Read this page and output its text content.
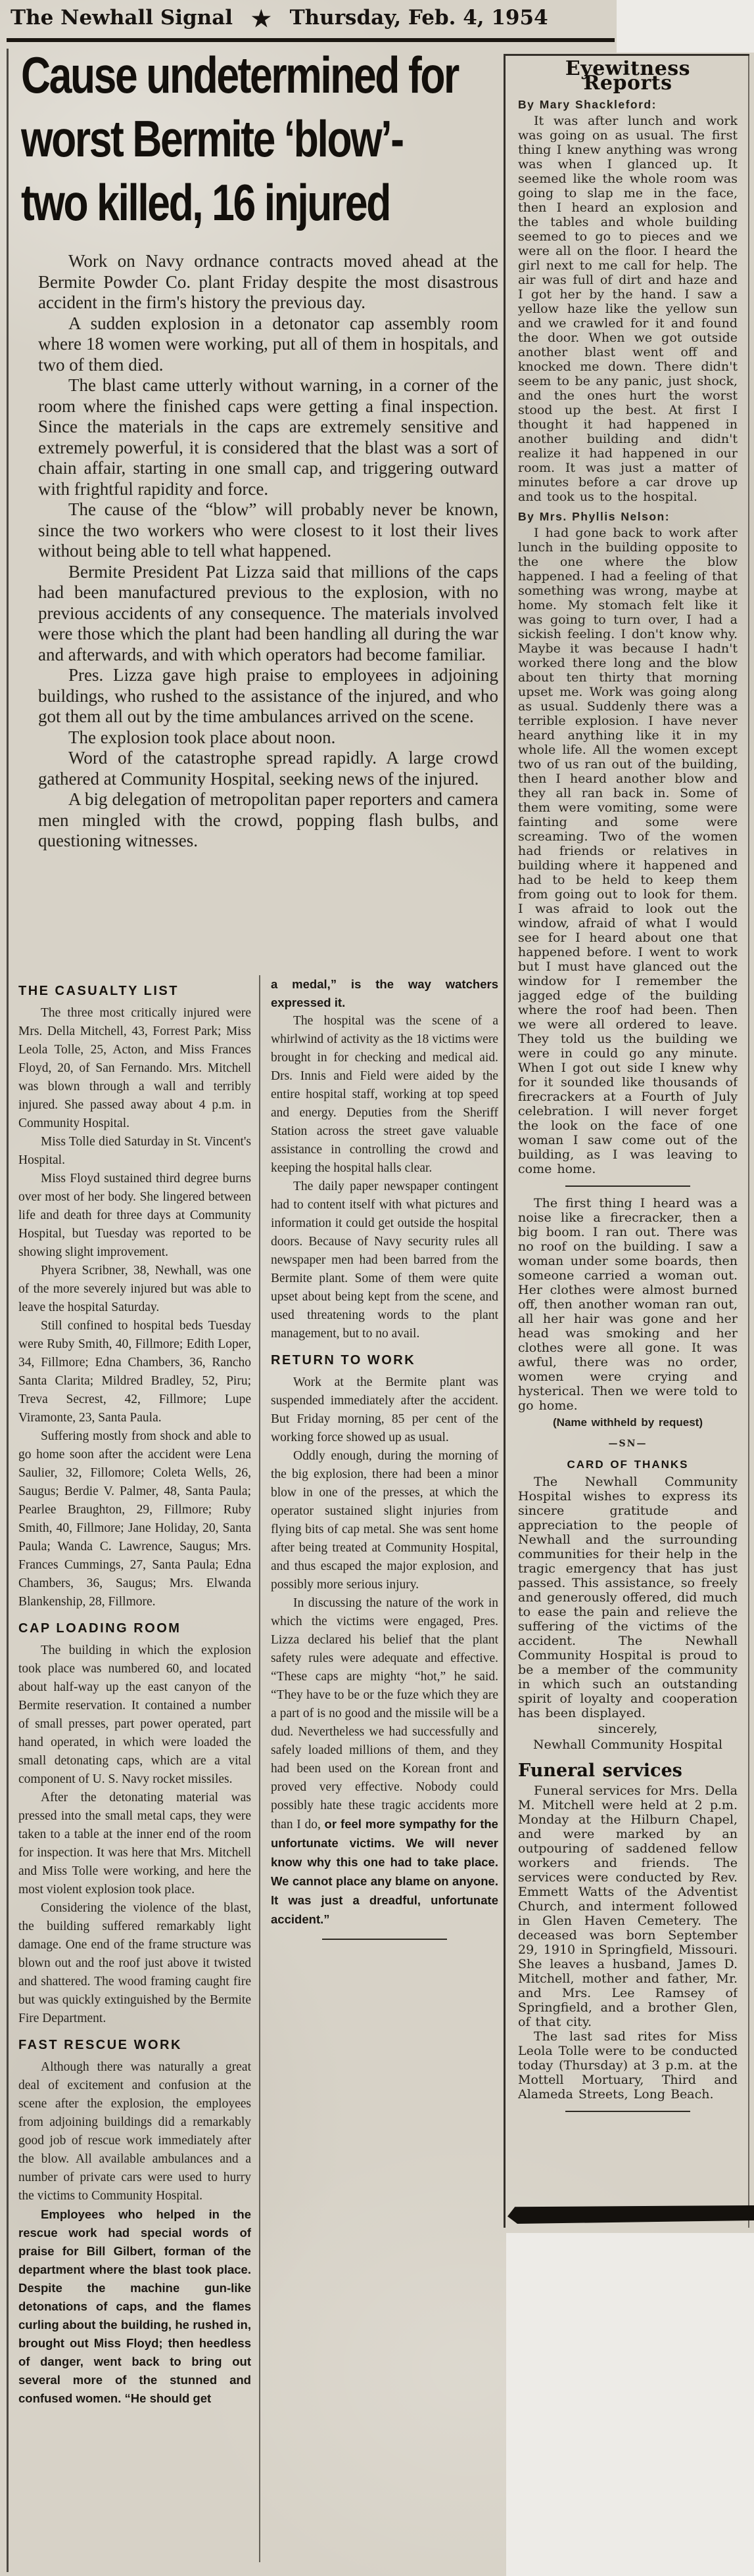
The Newhall Signal ★ Thursday, Feb. 4, 1954
Cause undetermined for
worst Bermite ‘blow’-
two killed, 16 injured

Work on Navy ordnance contracts moved ahead at the Bermite Powder Co. plant Friday despite the most disastrous accident in the firm's history the previous day.

A sudden explosion in a detonator cap assembly room where 18 women were working, put all of them in hospitals, and two of them died.

The blast came utterly without warning, in a corner of the room where the finished caps were getting a final inspection. Since the materials in the caps are extremely sensitive and extremely powerful, it is considered that the blast was a sort of chain affair, starting in one small cap, and triggering outward with frightful rapidity and force.

The cause of the “blow” will probably never be known, since the two workers who were closest to it lost their lives without being able to tell what happened.

Bermite President Pat Lizza said that millions of the caps had been manufactured previous to the explosion, with no previous accidents of any consequence. The materials involved were those which the plant had been handling all during the war and afterwards, and with which operators had become familiar.

Pres. Lizza gave high praise to employees in adjoining buildings, who rushed to the assistance of the injured, and who got them all out by the time ambulances arrived on the scene.

The explosion took place about noon.

Word of the catastrophe spread rapidly. A large crowd gathered at Community Hospital, seeking news of the injured.

A big delegation of metropolitan paper reporters and camera men mingled with the crowd, popping flash bulbs, and questioning witnesses.

THE CASUALTY LIST

The three most critically injured were Mrs. Della Mitchell, 43, Forrest Park; Miss Leola Tolle, 25, Acton, and Miss Frances Floyd, 20, of San Fernando. Mrs. Mitchell was blown through a wall and terribly injured. She passed away about 4 p.m. in Community Hospital.

Miss Tolle died Saturday in St. Vincent's Hospital.

Miss Floyd sustained third degree burns over most of her body. She lingered between life and death for three days at Community Hospital, but Tuesday was reported to be showing slight improvement.

Phyera Scribner, 38, Newhall, was one of the more severely injured but was able to leave the hospital Saturday.

Still confined to hospital beds Tuesday were Ruby Smith, 40, Fillmore; Edith Loper, 34, Fillmore; Edna Chambers, 36, Rancho Santa Clarita; Mildred Bradley, 52, Piru; Treva Secrest, 42, Fillmore; Lupe Viramonte, 23, Santa Paula.

Suffering mostly from shock and able to go home soon after the accident were Lena Saulier, 32, Fillomore; Coleta Wells, 26, Saugus; Berdie V. Palmer, 48, Santa Paula; Pearlee Braughton, 29, Fillmore; Ruby Smith, 40, Fillmore; Jane Holiday, 20, Santa Paula; Wanda C. Lawrence, Saugus; Mrs. Frances Cummings, 27, Santa Paula; Edna Chambers, 36, Saugus; Mrs. Elwanda Blankenship, 28, Fillmore.

CAP LOADING ROOM

The building in which the explosion took place was numbered 60, and located about half-way up the east canyon of the Bermite reservation. It contained a number of small presses, part power operated, part hand operated, in which were loaded the small detonating caps, which are a vital component of U. S. Navy rocket missiles.

After the detonating material was pressed into the small metal caps, they were taken to a table at the inner end of the room for inspection. It was here that Mrs. Mitchell and Miss Tolle were working, and here the most violent explosion took place.

Considering the violence of the blast, the building suffered remarkably light damage. One end of the frame structure was blown out and the roof just above it twisted and shattered. The wood framing caught fire but was quickly extinguished by the Bermite Fire Department.

FAST RESCUE WORK

Although there was naturally a great deal of excitement and confusion at the scene after the explosion, the employees from adjoining buildings did a remarkably good job of rescue work immediately after the blow. All available ambulances and a number of private cars were used to hurry the victims to Community Hospital.

Employees who helped in the rescue work had special words of praise for Bill Gilbert, forman of the department where the blast took place. Despite the machine gun-like detonations of caps, and the flames curling about the building, he rushed in, brought out Miss Floyd; then heedless of danger, went back to bring out several more of the stunned and confused women. “He should get

a medal,” is the way watchers expressed it.

The hospital was the scene of a whirlwind of activity as the 18 victims were brought in for checking and medical aid. Drs. Innis and Field were aided by the entire hospital staff, working at top speed and energy. Deputies from the Sheriff Station across the street gave valuable assistance in controlling the crowd and keeping the hospital halls clear.

The daily paper newspaper contingent had to content itself with what pictures and information it could get outside the hospital doors. Because of Navy security rules all newspaper men had been barred from the Bermite plant. Some of them were quite upset about being kept from the scene, and used threatening words to the plant management, but to no avail.

RETURN TO WORK

Work at the Bermite plant was suspended immediately after the accident. But Friday morning, 85 per cent of the working force showed up as usual.

Oddly enough, during the morning of the big explosion, there had been a minor blow in one of the presses, at which the operator sustained slight injuries from flying bits of cap metal. She was sent home after being treated at Community Hospital, and thus escaped the major explosion, and possibly more serious injury.

In discussing the nature of the work in which the victims were engaged, Pres. Lizza declared his belief that the plant safety rules were adequate and effective. “These caps are mighty “hot,” he said. “They have to be or the fuze which they are a part of is no good and the missile will be a dud. Nevertheless we had successfully and safely loaded millions of them, and they had been used on the Korean front and proved very effective. Nobody could possibly hate these tragic accidents more than I do, or feel more sympathy for the unfortunate victims. We will never know why this one had to take place. We cannot place any blame on anyone. It was just a dreadful, unfortunate accident.”

Eyewitness Reports

By Mary Shackleford:

It was after lunch and work was going on as usual. The first thing I knew anything was wrong was when I glanced up. It seemed like the whole room was going to slap me in the face, then I heard an explosion and the tables and whole building seemed to go to pieces and we were all on the floor. I heard the girl next to me call for help. The air was full of dirt and haze and I got her by the hand. I saw a yellow haze like the yellow sun and we crawled for it and found the door. When we got outside another blast went off and knocked me down. There didn't seem to be any panic, just shock, and the ones hurt the worst stood up the best. At first I thought it had happened in another building and didn't realize it had happened in our room. It was just a matter of minutes before a car drove up and took us to the hospital.

By Mrs. Phyllis Nelson:

I had gone back to work after lunch in the building opposite to the one where the blow happened. I had a feeling of that something was wrong, maybe at home. My stomach felt like it was going to turn over, I had a sickish feeling. I don't know why. Maybe it was because I hadn't worked there long and the blow about ten thirty that morning upset me. Work was going along as usual. Suddenly there was a terrible explosion. I have never heard anything like it in my whole life. All the women except two of us ran out of the building, then I heard another blow and they all ran back in. Some of them were vomiting, some were fainting and some were screaming. Two of the women had friends or relatives in building where it happened and had to be held to keep them from going out to look for them. I was afraid to look out the window, afraid of what I would see for I heard about one that happened before. I went to work but I must have glanced out the window for I remember the jagged edge of the building where the roof had been. Then we were all ordered to leave. They told us the building we were in could go any minute. When I got out side I knew why for it sounded like thousands of firecrackers at a Fourth of July celebration. I will never forget the look on the face of one woman I saw come out of the building, as I was leaving to come home.

The first thing I heard was a noise like a firecracker, then a big boom. I ran out. There was no roof on the building. I saw a woman under some boards, then someone carried a woman out. Her clothes were almost burned off, then another woman ran out, all her hair was gone and her head was smoking and her clothes were all gone. It was awful, there was no order, women were crying and hysterical. Then we were told to go home.

(Name withheld by request)

—SN—
CARD OF THANKS

The Newhall Community Hospital wishes to express its sincere gratitude and appreciation to the people of Newhall and the surrounding communities for their help in the tragic emergency that has just passed. This assistance, so freely and generously offered, did much to ease the pain and relieve the suffering of the victims of the accident. The Newhall Community Hospital is proud to be a member of the community in which such an outstanding spirit of loyalty and cooperation has been displayed.

sincerely,

Newhall Community Hospital

Funeral services

Funeral services for Mrs. Della M. Mitchell were held at 2 p.m. Monday at the Hilburn Chapel, and were marked by an outpouring of saddened fellow workers and friends. The services were conducted by Rev. Emmett Watts of the Adventist Church, and interment followed in Glen Haven Cemetery. The deceased was born September 29, 1910 in Springfield, Missouri. She leaves a husband, James D. Mitchell, mother and father, Mr. and Mrs. Lee Ramsey of Springfield, and a brother Glen, of that city.

The last sad rites for Miss Leola Tolle were to be conducted today (Thursday) at 3 p.m. at the Mottell Mortuary, Third and Alameda Streets, Long Beach.
